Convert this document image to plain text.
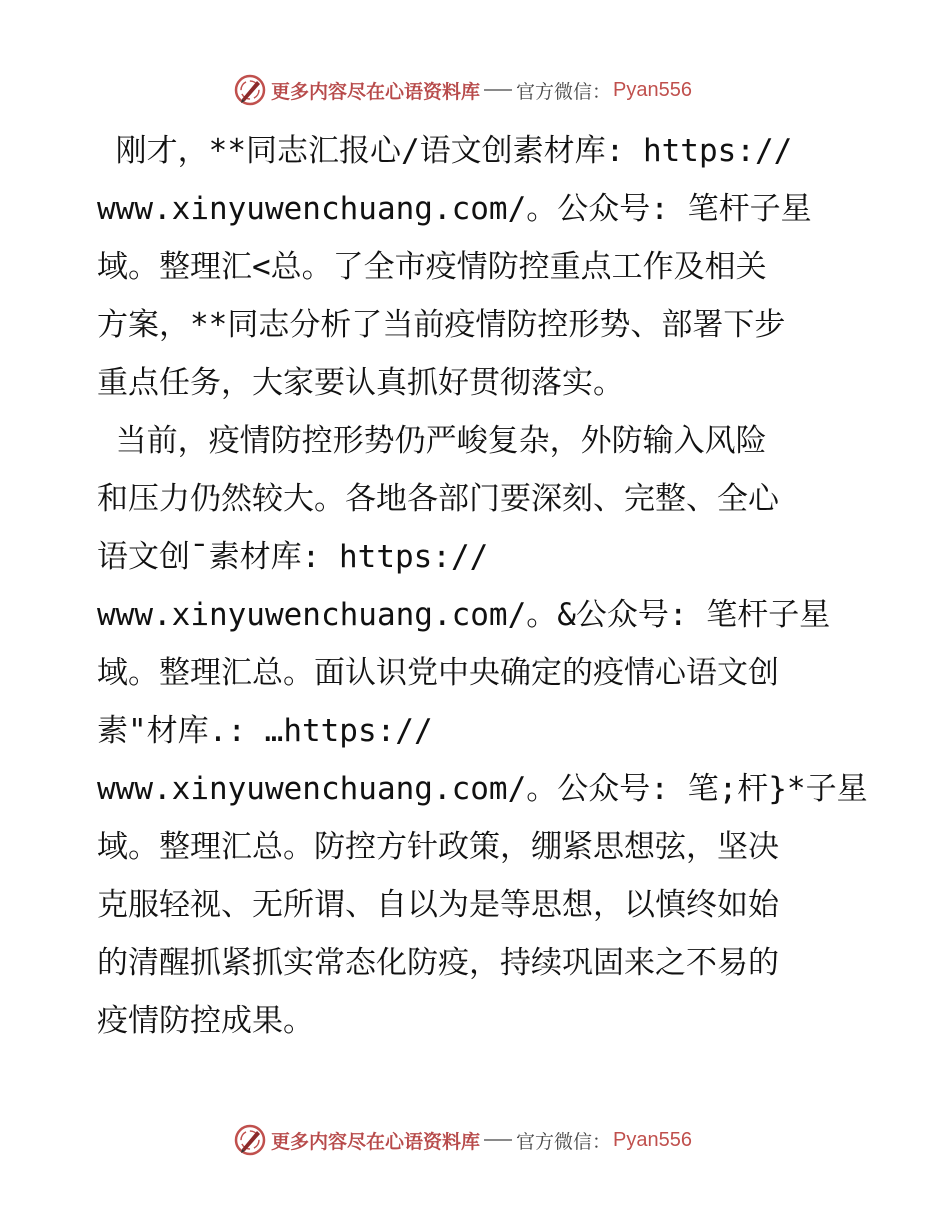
更多内容尽在心语资料库 官方微信： Pyan556
刚才，**同志汇报心/语文创素材库: https://
www.xinyuwenchuang.com/。公众号: 笔杆子星
域。整理汇<总。了全市疫情防控重点工作及相关
方案，**同志分析了当前疫情防控形势、部署下步
重点任务，大家要认真抓好贯彻落实。
当前，疫情防控形势仍严峻复杂，外防输入风险
和压力仍然较大。各地各部门要深刻、完整、全心
语文创¯素材库: https://
www.xinyuwenchuang.com/。&公众号: 笔杆子星
域。整理汇总。面认识党中央确定的疫情心语文创
素"材库.: …https://
www.xinyuwenchuang.com/。公众号: 笔;杆}*子星
域。整理汇总。防控方针政策，绷紧思想弦，坚决
克服轻视、无所谓、自以为是等思想，以慎终如始
的清醒抓紧抓实常态化防疫，持续巩固来之不易的
疫情防控成果。
更多内容尽在心语资料库 官方微信： Pyan556
